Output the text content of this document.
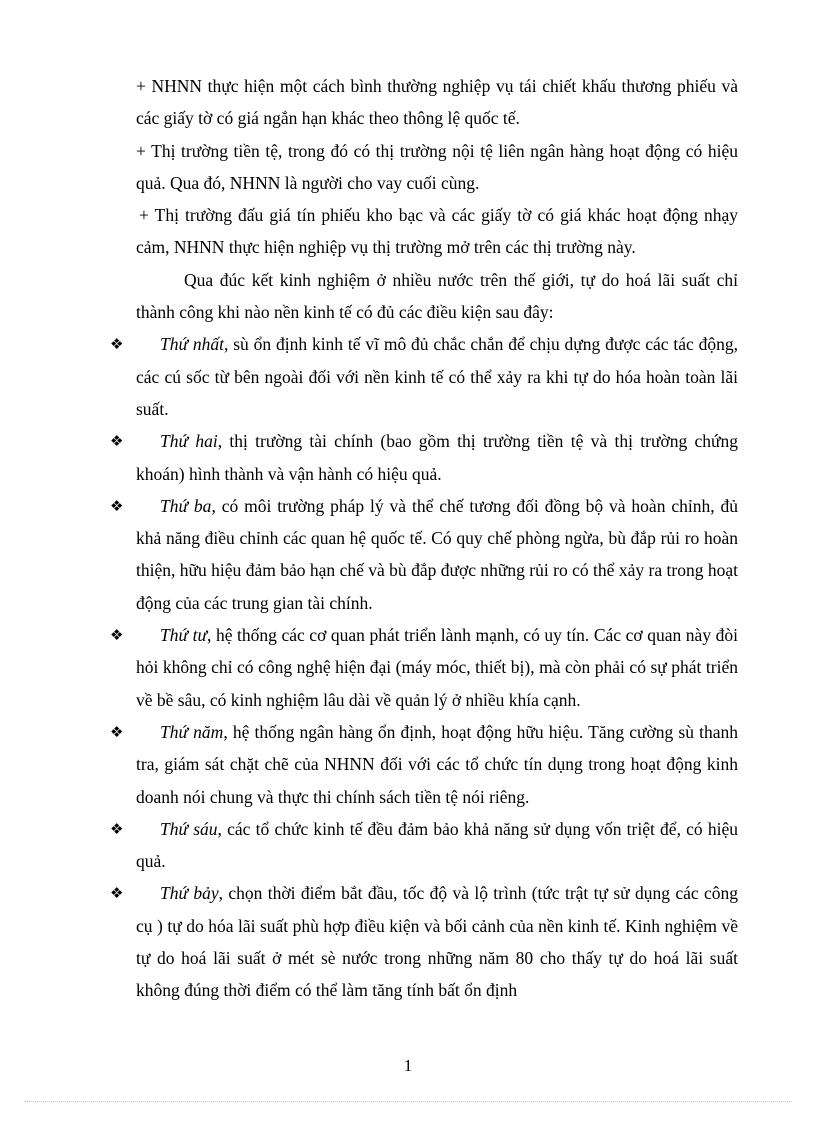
+ NHNN thực hiện một cách bình thường nghiệp vụ tái chiết khấu thương phiếu và các giấy tờ có giá ngắn hạn khác theo thông lệ quốc tế.

+ Thị trường tiền tệ, trong đó có thị trường nội tệ liên ngân hàng hoạt động có hiệu quả. Qua đó, NHNN là người cho vay cuối cùng.

+ Thị trường đấu giá tín phiếu kho bạc và các giấy tờ có giá khác hoạt động nhạy cảm, NHNN thực hiện nghiệp vụ thị trường mở trên các thị trường này.

Qua đúc kết kinh nghiệm ở nhiều nước trên thế giới, tự do hoá lãi suất chỉ thành công khi nào nền kinh tế có đủ các điều kiện sau đây:

❖	Thứ nhất, sù ổn định kinh tế vĩ mô đủ chắc chắn để chịu dựng được các tác động, các cú sốc từ bên ngoài đối với nền kinh tế có thể xảy ra khi tự do hóa hoàn toàn lãi suất.
❖	Thứ hai, thị trường tài chính (bao gồm thị trường tiền tệ và thị trường chứng khoán) hình thành và vận hành có hiệu quả.
❖	Thứ ba, có môi trường pháp lý và thể chế tương đối đồng bộ và hoàn chỉnh, đủ khả năng điều chỉnh các quan hệ quốc tế. Có quy chế phòng ngừa, bù đắp rủi ro hoàn thiện, hữu hiệu đảm bảo hạn chế và bù đắp được những rủi ro có thể xảy ra trong hoạt động của các trung gian tài chính.
❖	Thứ tư, hệ thống các cơ quan phát triển lành mạnh, có uy tín. Các cơ quan này đòi hỏi không chỉ có công nghệ hiện đại (máy móc, thiết bị), mà còn phải có sự phát triển về bề sâu, có kinh nghiệm lâu dài về quản lý ở nhiều khía cạnh.
❖	Thứ năm, hệ thống ngân hàng ổn định, hoạt động hữu hiệu. Tăng cường sù thanh tra, giám sát chặt chẽ của NHNN đối với các tổ chức tín dụng trong hoạt động kinh doanh nói chung và thực thi chính sách tiền tệ nói riêng.
❖	Thứ sáu, các tổ chức kinh tế đều đảm bảo khả năng sử dụng vốn triệt để, có hiệu quả.
❖	Thứ bảy, chọn thời điểm bắt đầu, tốc độ và lộ trình (tức trật tự sử dụng các công cụ ) tự do hóa lãi suất phù hợp điều kiện và bối cảnh của nền kinh tế. Kinh nghiệm về tự do hoá lãi suất ở mét sè nước trong những năm 80 cho thấy tự do hoá lãi suất không đúng thời điểm có thể làm tăng tính bất ổn định
1
